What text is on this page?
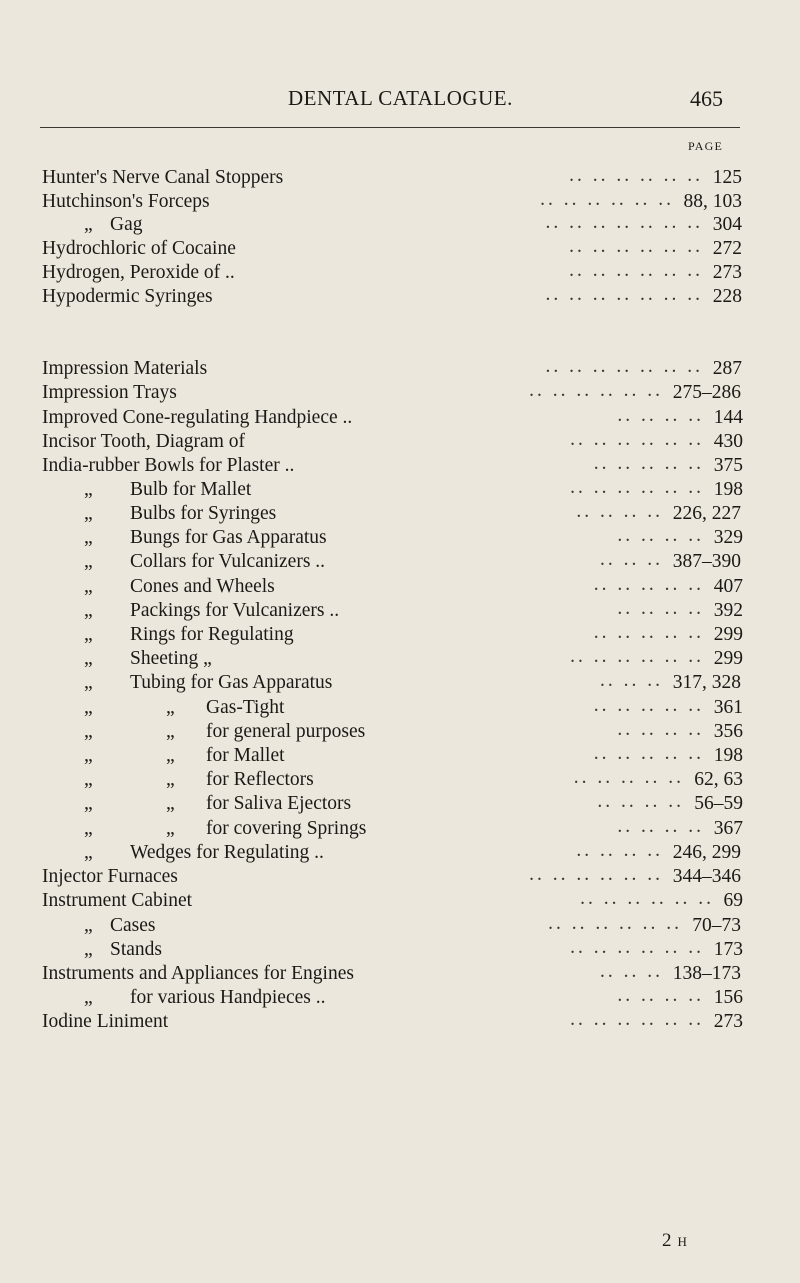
DENTAL CATALOGUE.	465
PAGE
Hunter's Nerve Canal Stoppers	.. .. .. .. .. .. 125
Hutchinson's Forceps	.. .. .. .. .. .. 88, 103
„ Gag	.. .. .. .. .. .. .. 304
Hydrochloric of Cocaine	.. .. .. .. .. .. 272
Hydrogen, Peroxide of ..	.. .. .. .. .. .. 273
Hypodermic Syringes	.. .. .. .. .. .. .. 228
Impression Materials	.. .. .. .. .. .. .. 287
Impression Trays	.. .. .. .. .. .. 275–286
Improved Cone-regulating Handpiece ..	.. .. .. .. 144
Incisor Tooth, Diagram of	.. .. .. .. .. .. 430
India-rubber Bowls for Plaster ..	.. .. .. .. .. 375
„ Bulb for Mallet	.. .. .. .. .. .. 198
„ Bulbs for Syringes	.. .. .. .. 226, 227
„ Bungs for Gas Apparatus	.. .. .. .. 329
„ Collars for Vulcanizers ..	.. .. .. 387–390
„ Cones and Wheels	.. .. .. .. .. 407
„ Packings for Vulcanizers ..	.. .. .. .. 392
„ Rings for Regulating	.. .. .. .. .. 299
„ Sheeting „	.. .. .. .. .. .. 299
„ Tubing for Gas Apparatus	.. .. .. 317, 328
„	„ Gas-Tight	.. .. .. .. .. 361
„	„ for general purposes	.. .. .. .. 356
„	„ for Mallet	.. .. .. .. .. 198
„	„ for Reflectors	.. .. .. .. .. 62, 63
„	„ for Saliva Ejectors	.. .. .. .. 56–59
„	„ for covering Springs	.. .. .. .. 367
„ Wedges for Regulating ..	.. .. .. .. 246, 299
Injector Furnaces	.. .. .. .. .. .. 344–346
Instrument Cabinet	.. .. .. .. .. .. 69
„ Cases	.. .. .. .. .. .. 70–73
„ Stands	.. .. .. .. .. .. 173
Instruments and Appliances for Engines	.. .. .. 138–173
„ for various Handpieces ..	.. .. .. .. 156
Iodine Liniment	.. .. .. .. .. .. 273
2 H
